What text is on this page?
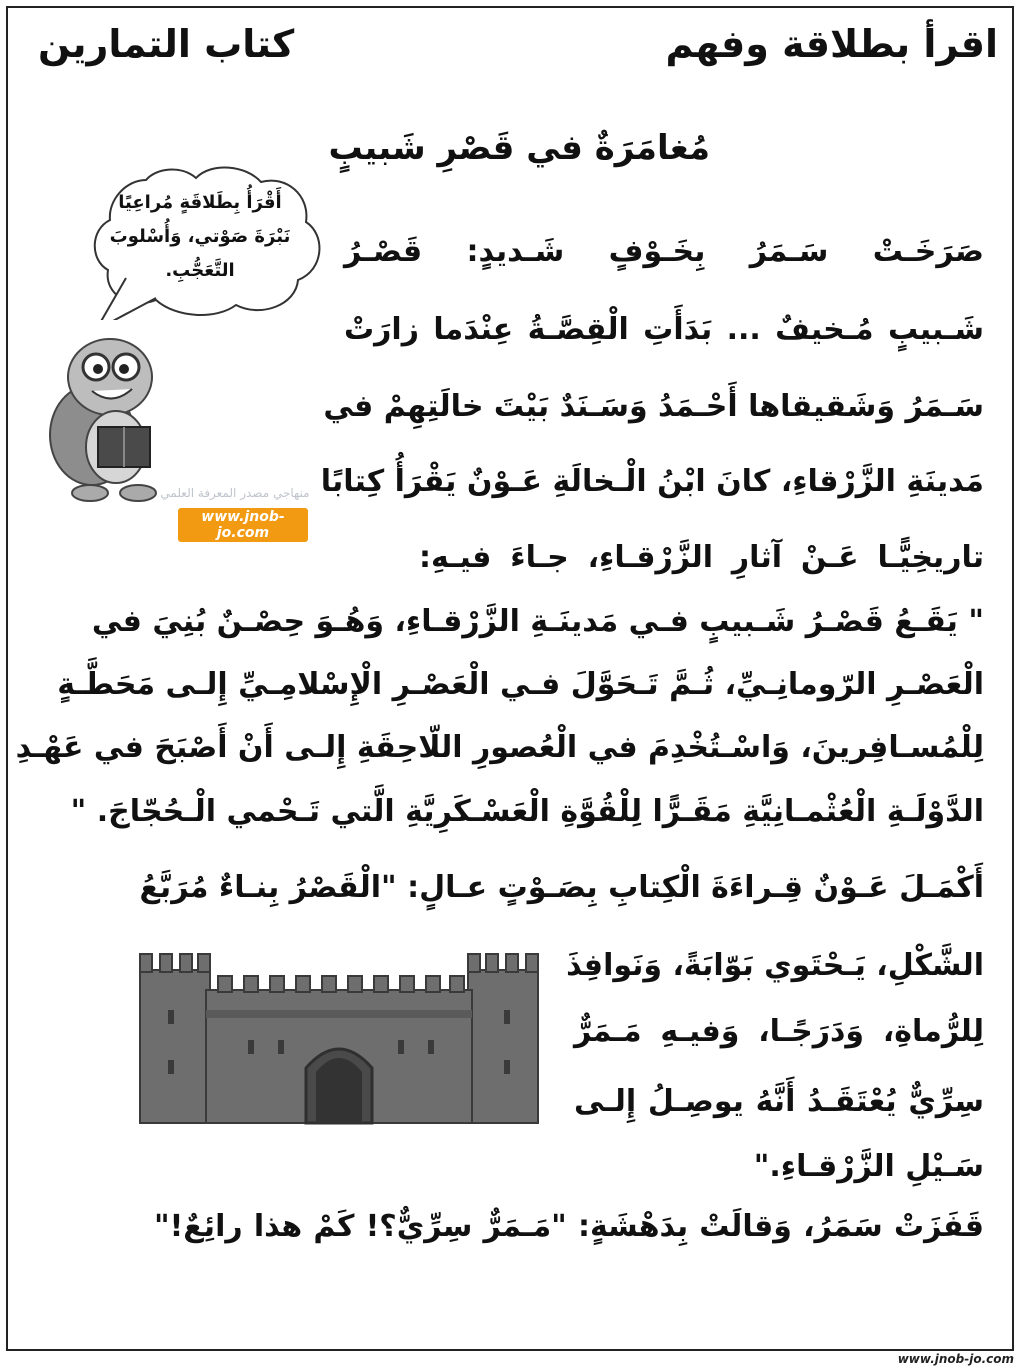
اقرأ بطلاقة وفهم
كتاب التمارين
مُغامَرَةٌ في قَصْرِ شَبيبٍ
أَقْرَأُ بِطَلاقَةٍ مُراعِيًا
نَبْرَةَ صَوْتي، وَأُسْلوبَ
التَّعَجُّبِ.
منهاجي مصدر المعرفة العلمي
www.jnob-jo.com
صَرَخَـتْ سَـمَرُ بِخَـوْفٍ شَـديدٍ: قَصْـرُ
شَـبيبٍ مُـخيفٌ ... بَدَأَتِ الْقِصَّـةُ عِنْدَما زارَتْ
سَـمَرُ وَشَقيقاها أَحْـمَدُ وَسَـنَدٌ بَيْتَ خالَتِهِمْ في
مَدينَةِ الزَّرْقاءِ، كانَ ابْنُ الْـخالَةِ عَـوْنٌ يَقْرَأُ كِتابًا
تاريخِيًّـا عَـنْ آثارِ الزَّرْقـاءِ، جـاءَ فيـهِ:
" يَقَـعُ قَصْـرُ شَـبيبٍ فـي مَدينَـةِ الزَّرْقـاءِ، وَهُـوَ حِصْـنٌ بُنِيَ في
الْعَصْـرِ الرّومانِـيِّ، ثُـمَّ تَـحَوَّلَ فـي الْعَصْـرِ الْإِسْلامِـيِّ إِلـى مَحَطَّـةٍ
لِلْمُسـافِرينَ، وَاسْـتُخْدِمَ في الْعُصورِ اللّاحِقَةِ إِلـى أَنْ أَصْبَحَ في عَهْـدِ
الدَّوْلَـةِ الْعُثْمـانِيَّةِ مَقَـرًّا لِلْقُوَّةِ الْعَسْـكَرِيَّةِ الَّتي تَـحْمي الْـحُجّاجَ. "
أَكْمَـلَ عَـوْنٌ قِـراءَةَ الْكِتابِ بِصَـوْتٍ عـالٍ: "الْقَصْرُ بِنـاءٌ مُرَبَّعُ
الشَّكْلِ، يَـحْتَوي بَوّابَةً، وَنَوافِذَ
لِلرُّماةِ، وَدَرَجًـا، وَفيـهِ مَـمَرٌّ
سِرِّيٌّ يُعْتَقَـدُ أَنَّهُ يوصِـلُ إِلـى
سَـيْلِ الزَّرْقـاءِ."
قَفَزَتْ سَمَرُ، وَقالَتْ بِدَهْشَةٍ: "مَـمَرٌّ سِرِّيٌّ؟! كَمْ هذا رائِعٌ!"
www.jnob-jo.com
